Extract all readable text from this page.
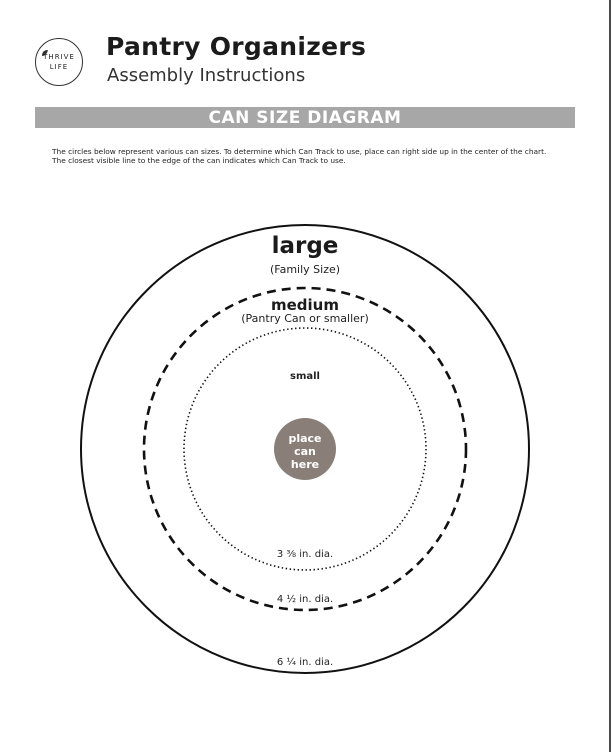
THRIVE
LIFE
Pantry Organizers
Assembly Instructions
CAN SIZE DIAGRAM
The circles below represent various can sizes. To determine which Can Track to use, place can right side up in the center of the chart. The closest visible line to the edge of the can indicates which Can Track to use.
large
(Family Size)
medium
(Pantry Can or smaller)
small
place
can
here
3 ⅜ in. dia.
4 ½ in. dia.
6 ¼ in. dia.
